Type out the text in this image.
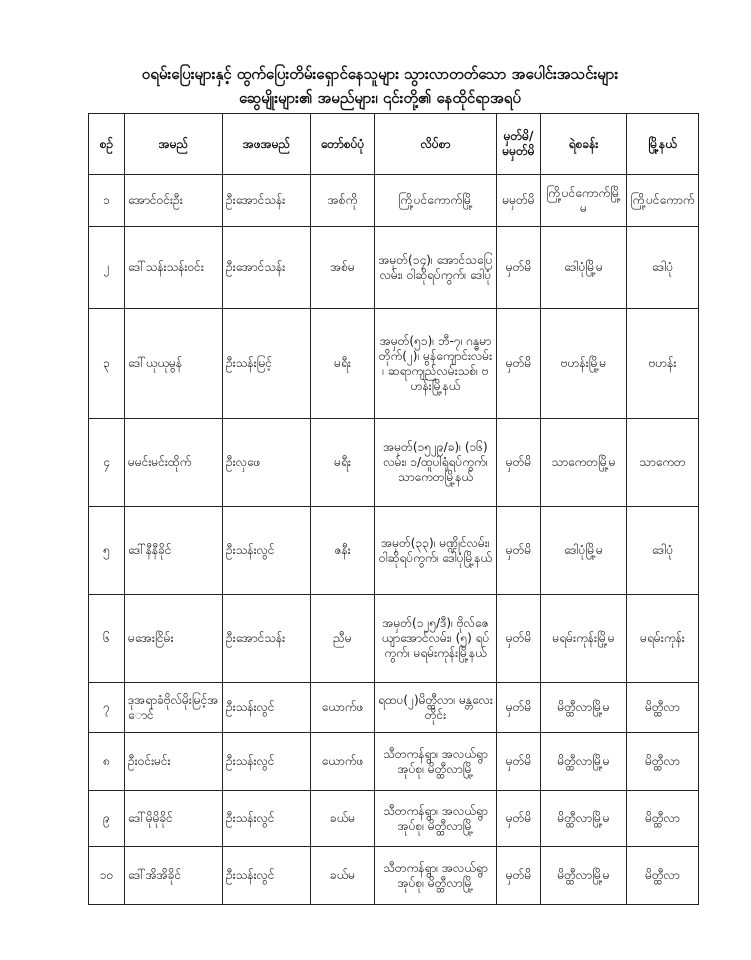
ဝရမ်းပြေးများနှင့် ထွက်ပြေးတိမ်းရှောင်နေသူများ သွားလာတတ်သော အပေါင်းအသင်းများ
ဆွေမျိုးများ၏ အမည်များ၊ ၎င်းတို့၏ နေထိုင်ရာအရပ်
စဉ်	အမည်	အဖအမည်	တော်စပ်ပုံ	လိပ်စာ	မှတ်မိ/ မမှတ်မိ	ရဲစခန်း	မြို့နယ်
၁	အောင်ဝင်းဦး	ဦးအောင်သန်း	အစ်ကို	ကြို့ပင်ကောက်မြို့	မမှတ်မိ	ကြို့ပင်ကောက်မြို့မ	ကြို့ပင်ကောက်
၂	ဒေါ်သန်းသန်းဝင်း	ဦးအောင်သန်း	အစ်မ	အမှတ်(၁၄)၊ အောင်သပြေလမ်း၊ ဝါဆိုရပ်ကွက်၊ ဒေါပုံ	မှတ်မိ	ဒေါပုံမြို့မ	ဒေါပုံ
၃	ဒေါ်ယုယုမွန်	ဦးသန်းမြင့်	မရီး	အမှတ်(၅၁)၊ ဘီ-၇၊ ဂန္ဓမာတိုက်(၂)၊ မွန်ကျောင်းလမ်း၊ ဆရာကျည်လမ်းသစ်၊ ဗဟန်းမြို့နယ်	မှတ်မိ	ဗဟန်းမြို့မ	ဗဟန်း
၄	မမင်းမင်းထိုက်	ဦးလှဖေ	မရီး	အမှတ်(၁၅၂၉/ခ)၊ (၁၆)လမ်း၊ ၁/ထူပါရုံရပ်ကွက်၊ သာကေတမြို့နယ်	မှတ်မိ	သာကေတမြို့မ	သာကေတ
၅	ဒေါ်နီနီခိုင်	ဦးသန်းလွင်	ဇနီး	အမှတ်(၃၃)၊ မဏ္ဍိုင်လမ်း၊ ဝါဆိုရပ်ကွက်၊ ဒေါပုံမြို့နယ်	မှတ်မိ	ဒေါပုံမြို့မ	ဒေါပုံ
၆	မအေးငြိမ်း	ဦးအောင်သန်း	ညီမ	အမှတ်(၁၂၅/ဒီ)၊ ဗိုလ်ဇေယျာအောင်လမ်း၊ (၅) ရပ်ကွက်၊ မရမ်းကုန်းမြို့နယ်	မှတ်မိ	မရမ်းကုန်းမြို့မ	မရမ်းကုန်း
၇	ဒုအရာခံဗိုလ်မိုးမြင့်အောင်	ဦးသန်းလွင်	ယောက်ဖ	ရထပ(၂)မိတ္ထီလာ၊ မန္တလေးတိုင်း	မှတ်မိ	မိတ္ထီလာမြို့မ	မိတ္ထီလာ
၈	ဦးဝင်းမင်း	ဦးသန်းလွင်	ယောက်ဖ	သီတကန်ရွာ၊ အလယ်ရွာအုပ်စု၊ မိတ္ထီလာမြို့	မှတ်မိ	မိတ္ထီလာမြို့မ	မိတ္ထီလာ
၉	ဒေါ်မိုမိုခိုင်	ဦးသန်းလွင်	ခယ်မ	သီတကန်ရွာ၊ အလယ်ရွာအုပ်စု၊ မိတ္ထီလာမြို့	မှတ်မိ	မိတ္ထီလာမြို့မ	မိတ္ထီလာ
၁၀	ဒေါ်အိအိခိုင်	ဦးသန်းလွင်	ခယ်မ	သီတကန်ရွာ၊ အလယ်ရွာအုပ်စု၊ မိတ္ထီလာမြို့	မှတ်မိ	မိတ္ထီလာမြို့မ	မိတ္ထီလာ
